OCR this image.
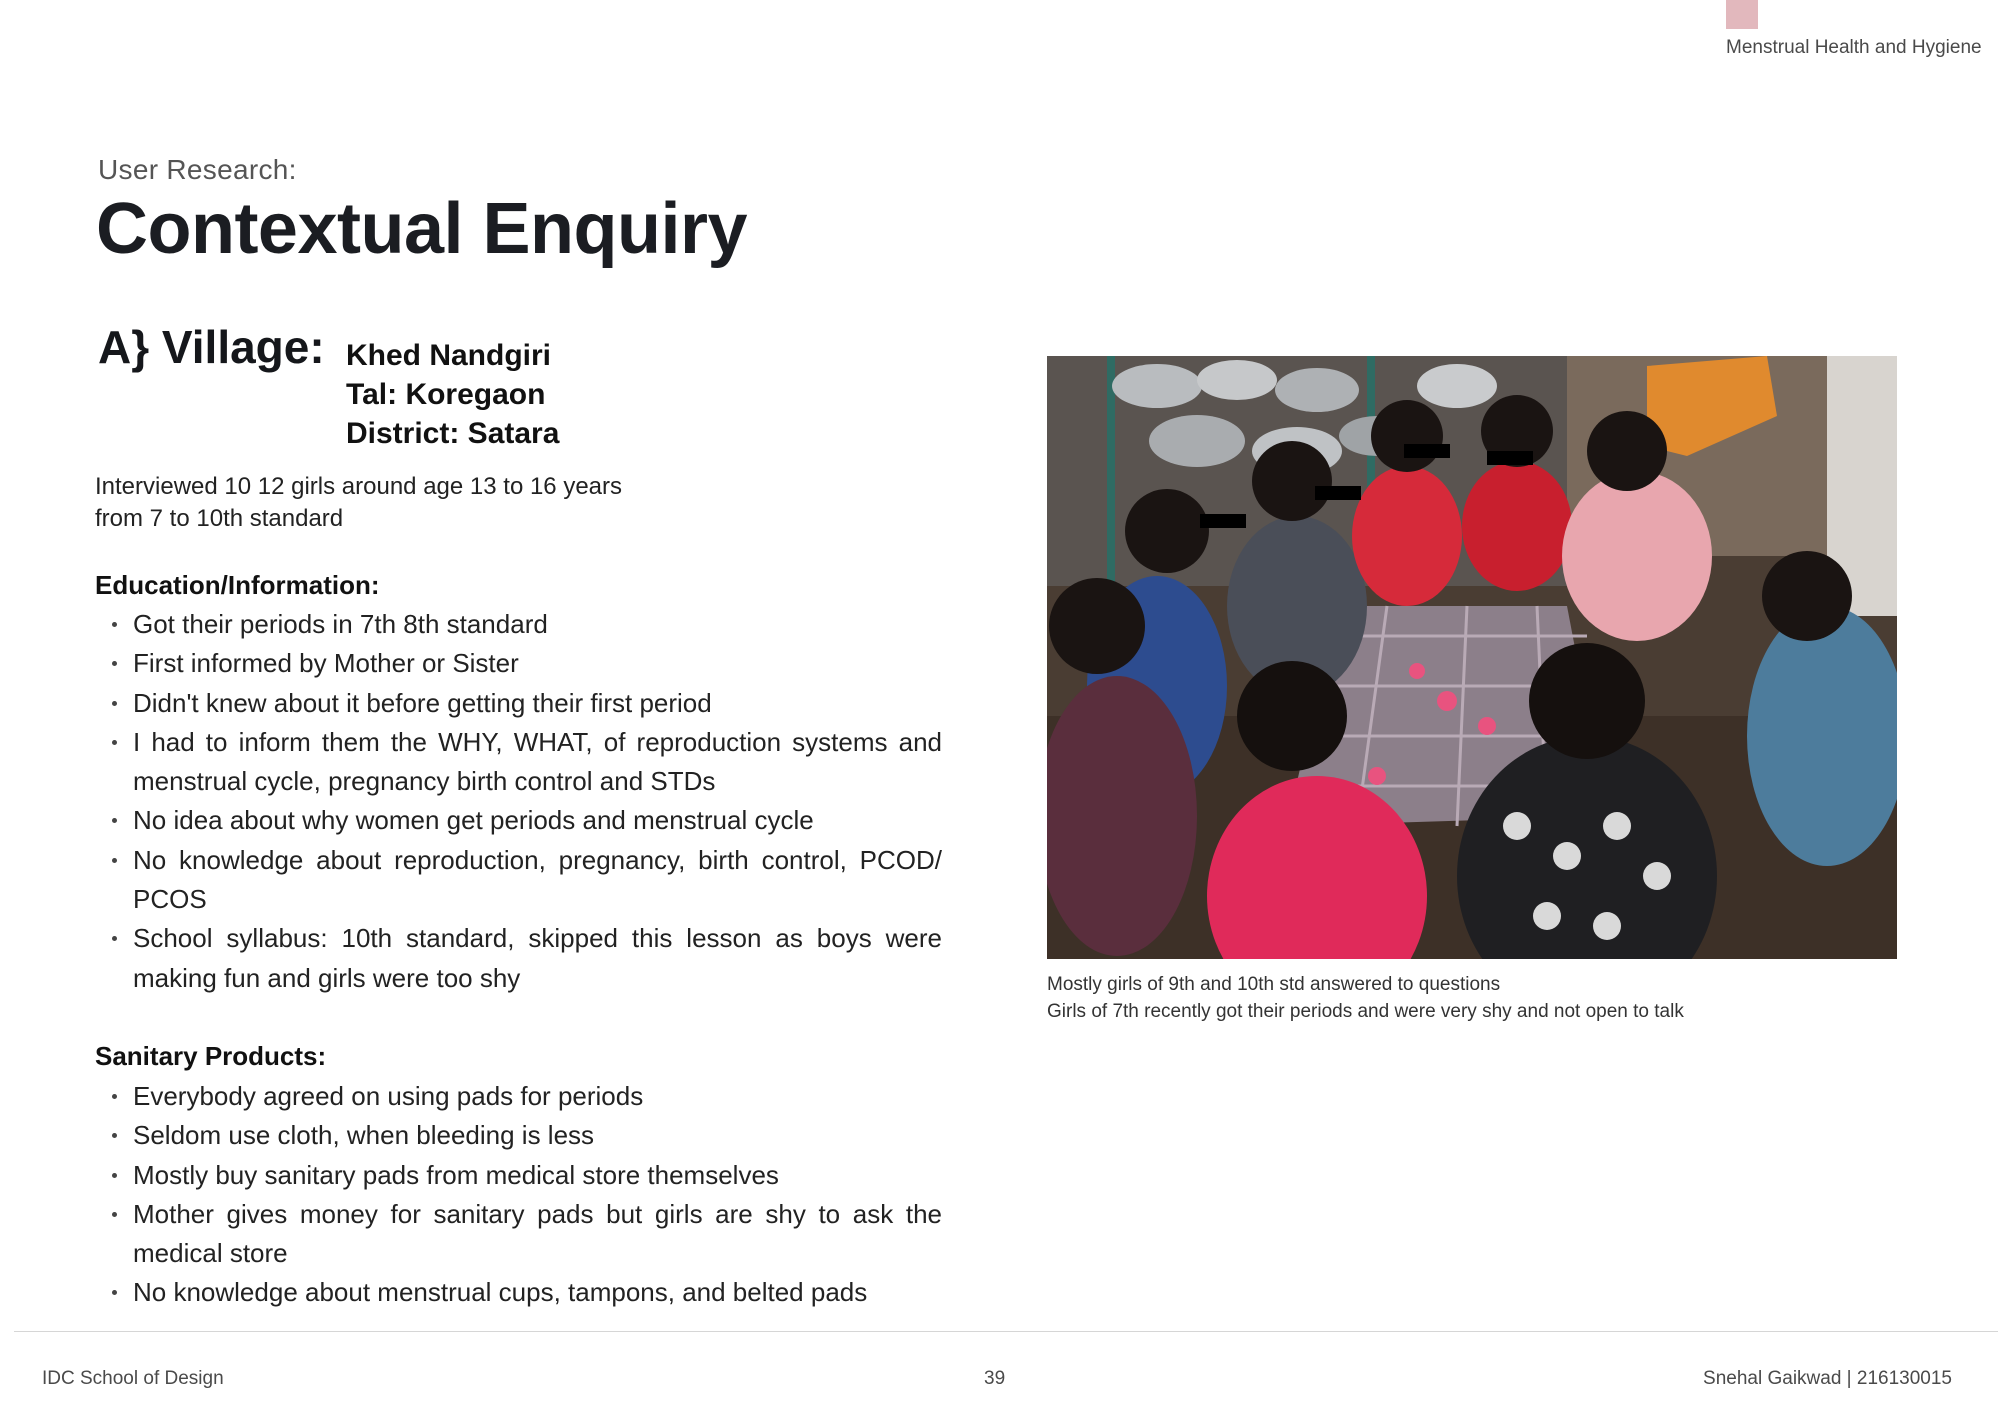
Menstrual Health and Hygiene
User Research:
Contextual Enquiry
A} Village: Khed Nandgiri
Tal: Koregaon
District: Satara
Interviewed 10 12 girls around age 13 to 16 years
from 7 to 10th standard
Education/Information:
Got their periods in 7th 8th standard
First informed by Mother or Sister
Didn't knew about it before getting their first period
I had to inform them the WHY, WHAT, of reproduction systems and menstrual cycle, pregnancy birth control and STDs
No idea about why women get periods and menstrual cycle
No knowledge about reproduction, pregnancy, birth control, PCOD/ PCOS
School syllabus: 10th standard, skipped this lesson as boys were making fun and girls were too shy
Sanitary Products:
Everybody agreed on using pads for periods
Seldom use cloth, when bleeding is less
Mostly buy sanitary pads from medical store themselves
Mother gives money for sanitary pads but girls are shy to ask the medical store
No knowledge about menstrual cups, tampons, and belted pads
Mostly girls of 9th and 10th std answered to questions
Girls of 7th recently got their periods and were very shy and not open to talk
IDC School of Design	39	Snehal Gaikwad | 216130015
